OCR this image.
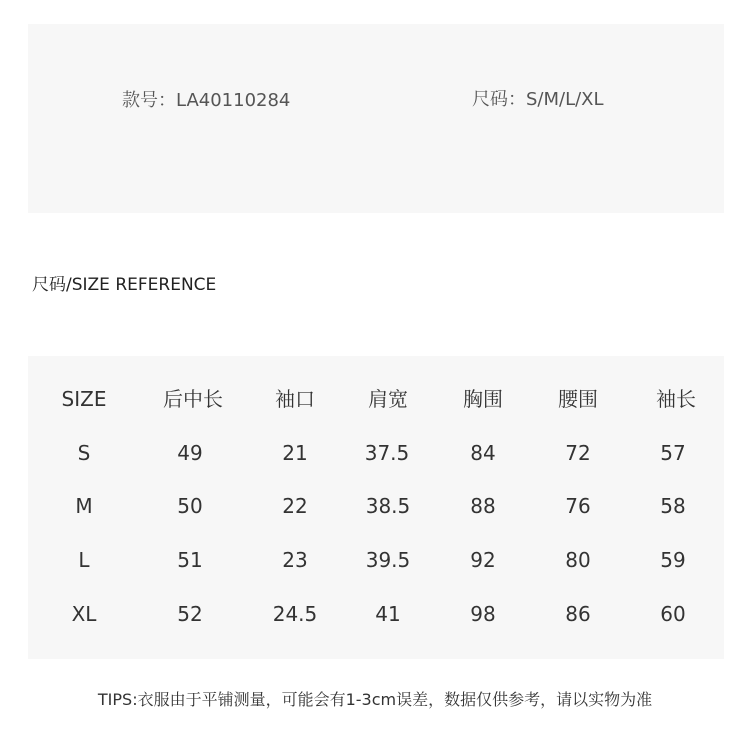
款号：LA40110284	尺码：S/M/L/XL
尺码/SIZE REFERENCE
SIZE	后中长	袖口	肩宽	胸围	腰围	袖长
S	49	21	37.5	84	72	57
M	50	22	38.5	88	76	58
L	51	23	39.5	92	80	59
XL	52	24.5	41	98	86	60
TIPS:衣服由于平铺测量，可能会有1-3cm误差，数据仅供参考，请以实物为准
